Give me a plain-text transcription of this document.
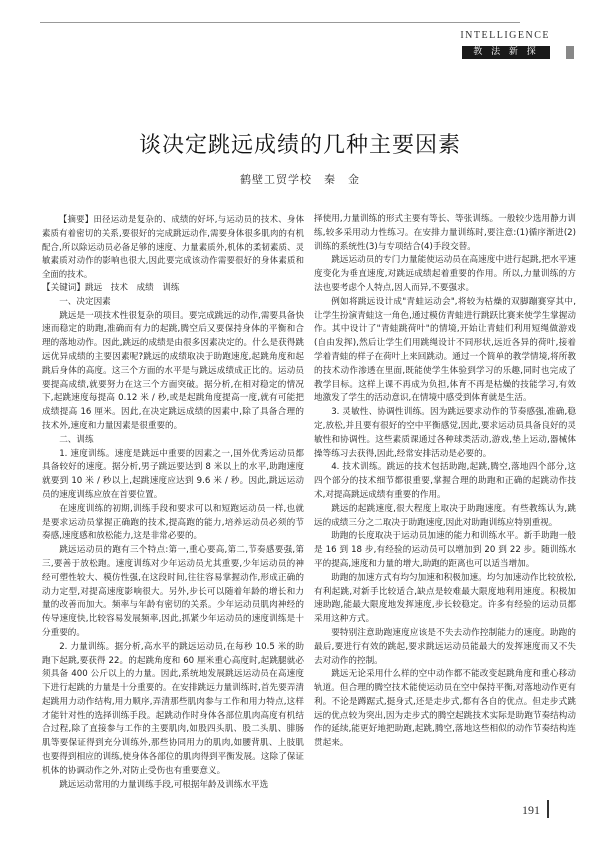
INTELLIGENCE
教 法 新 探
谈决定跳远成绩的几种主要因素
鹤壁工贸学校　秦　金

【摘要】田径运动是复杂的、成绩的好坏,与运动员的技术、身体素质有着密切的关系,要很好的完成跳远动作,需要身体很多肌肉的有机配合,所以除运动员必备足够的速度、力量素质外,机体的柔韧素质、灵敏素质对动作的影响也很大,因此要完成该动作需要很好的身体素质和全面的技术。

【关键词】跳远　技术　成绩　训练

一、决定因素

跳远是一项技术性很复杂的项目。要完成跳远的动作,需要具备快速而稳定的助跑,准确而有力的起跳,腾空后又要保持身体的平衡和合理的落地动作。因此,跳远的成绩是由很多因素决定的。什么是获得跳远优异成绩的主要因素呢?跳远的成绩取决于助跑速度,起跳角度和起跳后身体的高度。这三个方面的水平是与跳远成绩成正比的。运动员要提高成绩,就要努力在这三个方面突破。据分析,在相对稳定的情况下,起跳速度每提高 0.12 米 / 秒,或是起跳角度提高一度,就有可能把成绩提高 16 厘米。因此,在决定跳远成绩的因素中,除了具备合理的技术外,速度和力量因素是很重要的。

二、训练

1. 速度训练。速度是跳远中重要的因素之一,国外优秀运动员都具备较好的速度。据分析,男子跳远要达到 8 米以上的水平,助跑速度就要到 10 米 / 秒以上,起跳速度应达到 9.6 米 / 秒。因此,跳远运动员的速度训练应放在首要位置。

在速度训练的初期,训练手段和要求可以和短跑运动员一样,也就是要求运动员掌握正确跑的技术,提高跑的能力,培养运动员必须的节奏感,速度感和放松能力,这是非常必要的。

跳远运动员的跑有三个特点:第一,重心要高,第二,节奏感要强,第三,要善于放松跑。速度训练对少年运动员尤其重要,少年运动员的神经可塑性较大、模仿性强,在这段时间,往往容易掌握动作,形成正确的动力定型,对提高速度影响很大。另外,步长可以随着年龄的增长和力量的改善而加大。频率与年龄有密切的关系。少年运动员肌肉神经的传导速度快,比较容易发展频率,因此,抓紧少年运动员的速度训练是十分重要的。

2. 力量训练。据分析,高水平的跳远运动员,在每秒 10.5 米的助跑下起跳,要获得 22。的起跳角度和 60 厘米重心高度时,起跳腿就必须具备 400 公斤以上的力量。因此,系统地发展跳远运动员在高速度下进行起跳的力量是十分重要的。在安排跳远力量训练时,首先要弄清起跳用力动作结构,用力顺序,弄清那些肌肉参与工作和用力特点,这样才能针对性的选择训练手段。起跳动作时身体各部位肌肉高度有机结合过程,除了直接参与工作的主要肌肉,如股四头肌、股二头肌、腓肠肌等要保证得到充分训练外,那些协同用力的肌肉,如腰背肌、上肢肌也要得到相应的训练,使身体各部位的肌肉得到平衡发展。这除了保证机体的协调动作之外,对防止受伤也有重要意义。

跳远运动常用的力量训练手段,可根据年龄及训练水平选

择使用,力量训练的形式主要有等长、等张训练。一般较少选用静力训练,较多采用动力性练习。在安排力量训练时,要注意:(1)循序渐进(2)训练的系统性(3)与专项结合(4)手段交替。

跳远运动员的专门力量能使运动员在高速度中进行起跳,把水平速度变化为垂直速度,对跳远成绩起着重要的作用。所以,力量训练的方法也要考虑个人特点,因人而异,不要强求。

例如将跳远设计成"青蛙运动会",将较为枯燥的双脚蹦赛穿其中,让学生扮演青蛙这一角色,通过模仿青蛙进行跳跃比赛来使学生掌握动作。其中设计了"青蛙跳荷叶"的情境,开始让青蛙们利用短绳做游戏(自由发挥),然后让学生们用跳绳设计不同形状,远近各异的荷叶,接着学着青蛙的样子在荷叶上来回跳动。通过一个简单的教学情境,将所教的技术动作渗透在里面,既能使学生体验到学习的乐趣,同时也完成了教学目标。这样上课不再成为负担,体育不再是枯燥的技能学习,有效地激发了学生的活动意识,在情境中感受到体育就是生活。

3. 灵敏性、协调性训练。因为跳远要求动作的节奏感强,准确,稳定,放松,并且要有很好的空中平衡感觉,因此,要求运动员具备良好的灵敏性和协调性。这些素质课通过各种球类活动,游戏,垫上运动,器械体操等练习去获得,因此,经常安排活动是必要的。

4. 技术训练。跳远的技术包括助跑,起跳,腾空,落地四个部分,这四个部分的技术细节都很重要,掌握合理的助跑和正确的起跳动作技术,对提高跳远成绩有重要的作用。

跳远的起跳速度,很大程度上取决于助跑速度。有些教练认为,跳远的成绩三分之二取决于助跑速度,因此对助跑训练应特别重视。

助跑的长度取决于运动员加速的能力和训练水平。新手助跑一般是 16 到 18 步,有经验的运动员可以增加到 20 到 22 步。随训练水平的提高,速度和力量的增大,助跑的距离也可以适当增加。

助跑的加速方式有均匀加速和积极加速。均匀加速动作比较放松,有利起跳,对新手比较适合,缺点是较难最大限度地利用速度。积极加速助跑,能最大限度地发挥速度,步长较稳定。许多有经验的运动员都采用这种方式。

要特别注意助跑速度应该是不失去动作控制能力的速度。助跑的最后,要进行有效的跳起,要求跳远运动员能最大的发挥速度而又不失去对动作的控制。

跳远无论采用什么样的空中动作都不能改变起跳角度和重心移动轨道。但合理的腾空技术能使运动员在空中保持平衡,对落地动作更有利。不论是蹲踞式,挺身式,还是走步式,都有各自的优点。但走步式跳远的优点较为突出,因为走步式的腾空起跳技术实际是助跑节奏结构动作的延续,能更好地把助跑,起跳,腾空,落地这些相似的动作节奏结构连贯起来。

191
